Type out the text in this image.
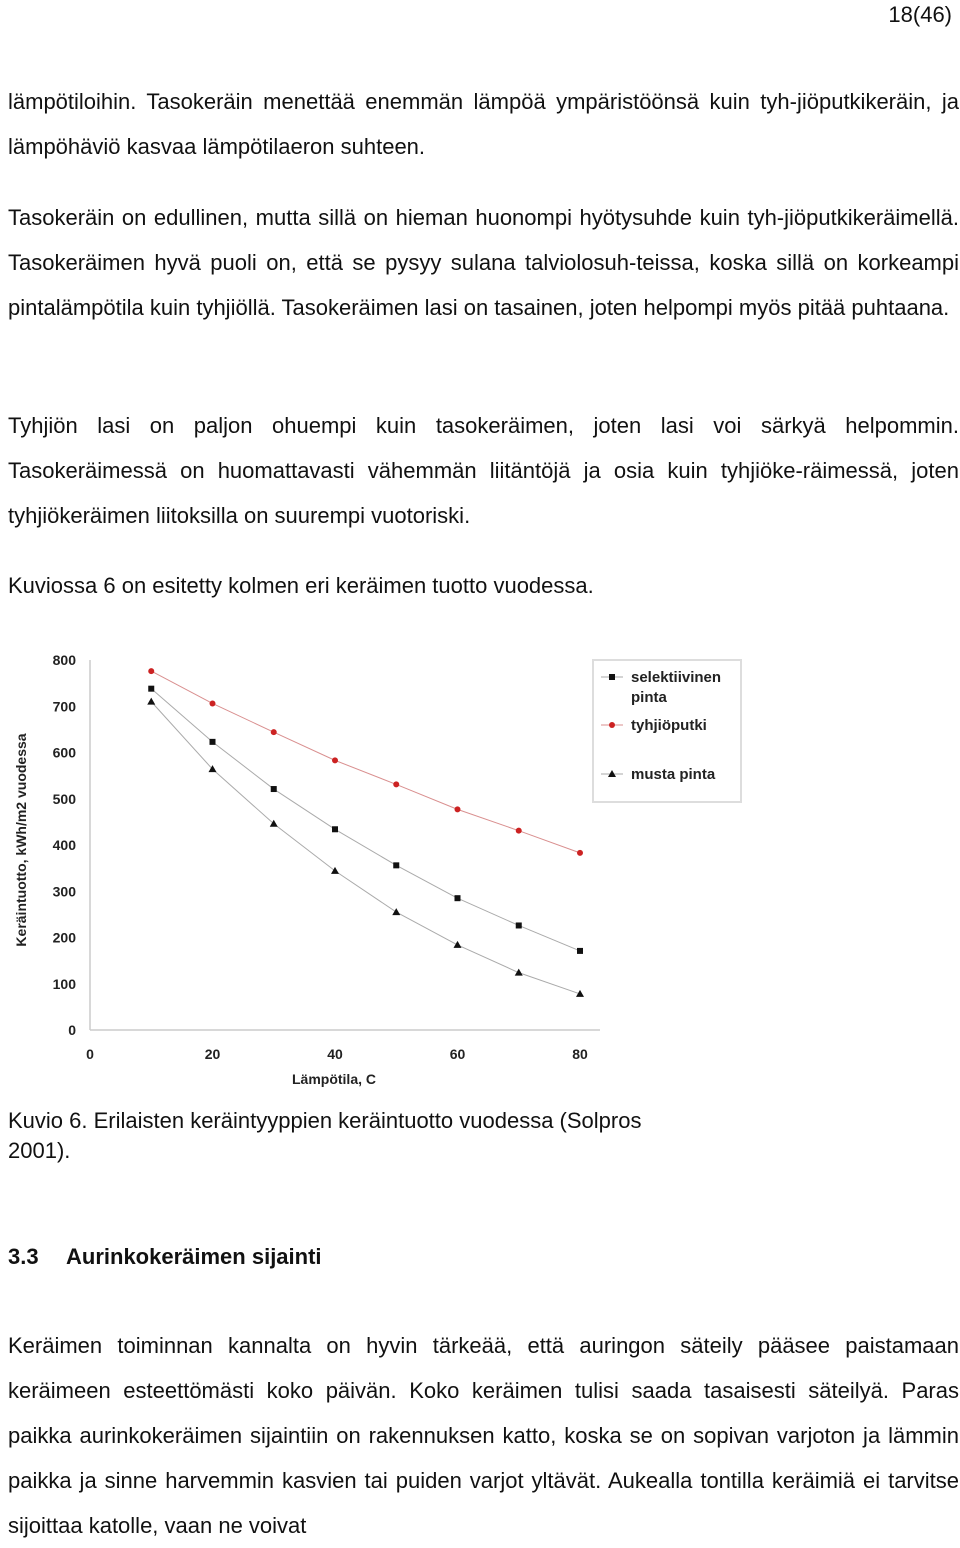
18(46)

lämpötiloihin. Tasokeräin menettää enemmän lämpöä ympäristöönsä kuin tyh-jiöputkikeräin, ja lämpöhäviö kasvaa lämpötilaeron suhteen.

Tasokeräin on edullinen, mutta sillä on hieman huonompi hyötysuhde kuin tyh-jiöputkikeräimellä. Tasokeräimen hyvä puoli on, että se pysyy sulana talviolosuh-teissa, koska sillä on korkeampi pintalämpötila kuin tyhjiöllä. Tasokeräimen lasi on tasainen, joten helpompi myös pitää puhtaana.

Tyhjiön lasi on paljon ohuempi kuin tasokeräimen, joten lasi voi särkyä helpommin. Tasokeräimessä on huomattavasti vähemmän liitäntöjä ja osia kuin tyhjiöke-räimessä, joten tyhjiökeräimen liitoksilla on suurempi vuotoriski.

Kuviossa 6 on esitetty kolmen eri keräimen tuotto vuodessa.

0
100
200
300
400
500
600
700
800
0	20	40	60	80
Keräintuotto, kWh/m2 vuodessa
Lämpötila, C
selektiivinen
pinta
tyhjiöputki
musta pinta
Kuvio 6. Erilaisten keräintyyppien keräintuotto vuodessa (Solpros 2001).
3.3 Aurinkokeräimen sijainti

Keräimen toiminnan kannalta on hyvin tärkeää, että auringon säteily pääsee paistamaan keräimeen esteettömästi koko päivän. Koko keräimen tulisi saada tasaisesti säteilyä. Paras paikka aurinkokeräimen sijaintiin on rakennuksen katto, koska se on sopivan varjoton ja lämmin paikka ja sinne harvemmin kasvien tai puiden varjot yltävät. Aukealla tontilla keräimiä ei tarvitse sijoittaa katolle, vaan ne voivat
